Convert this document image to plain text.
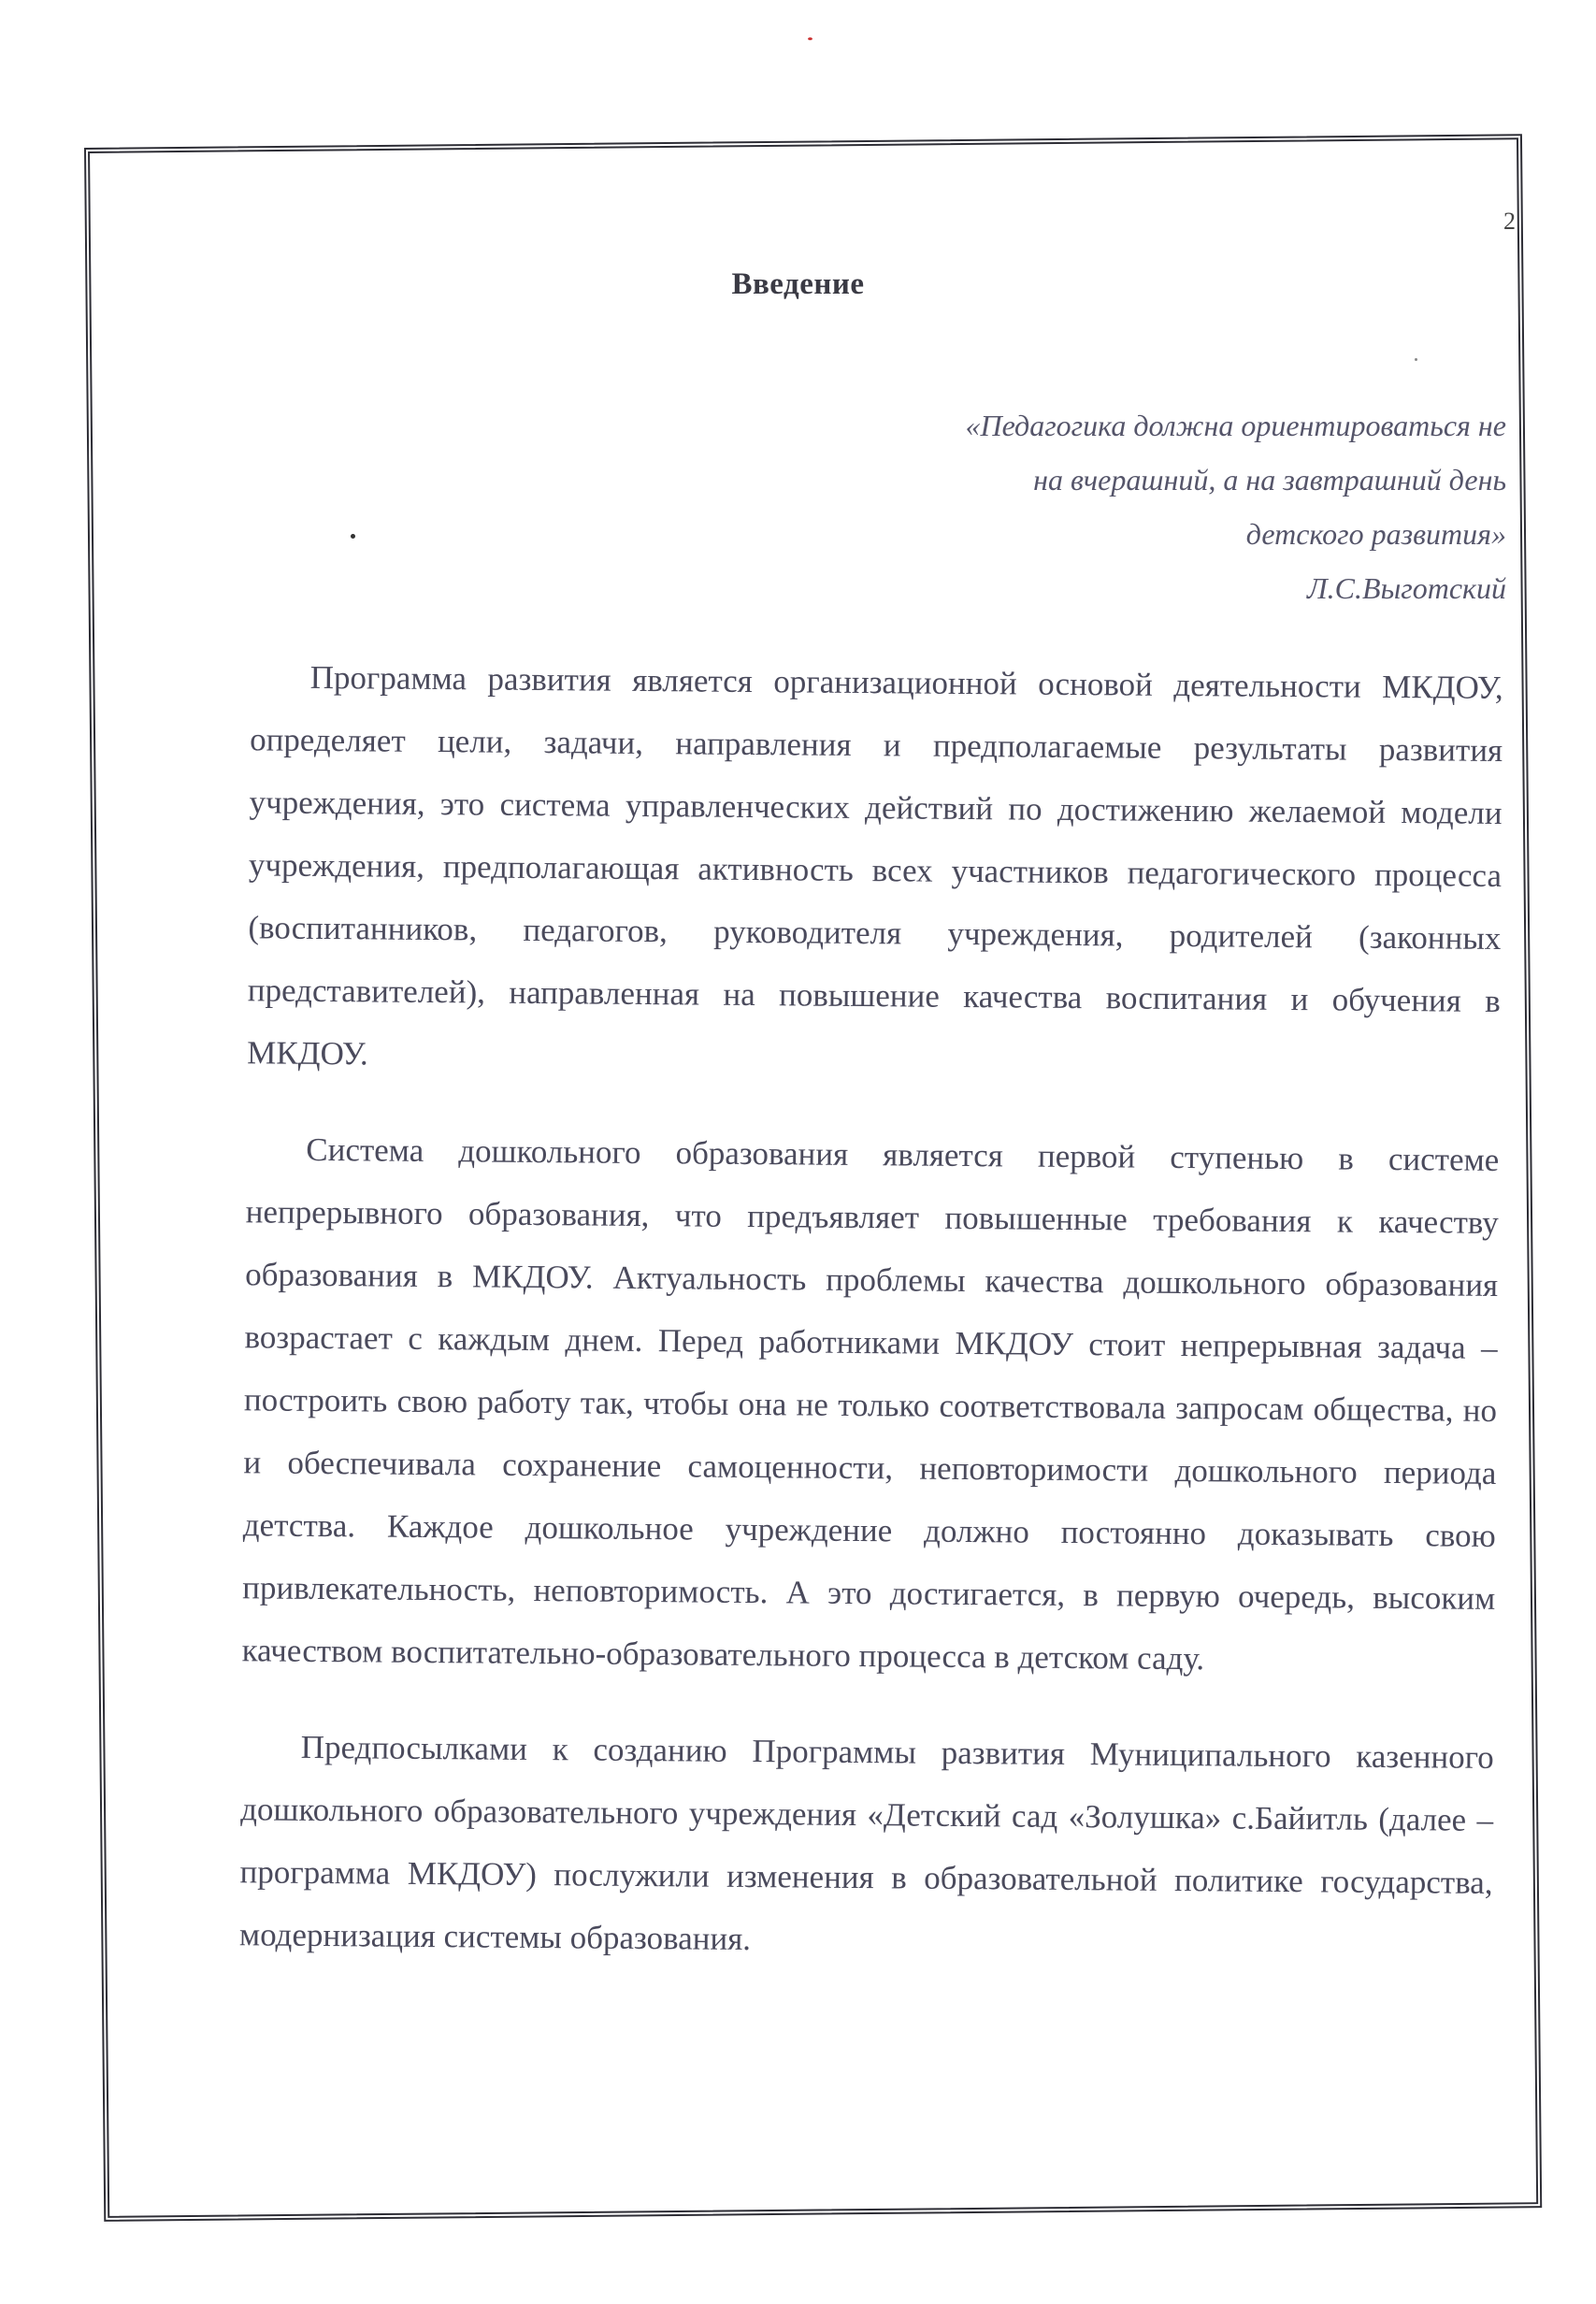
2
Введение
«Педагогика должна ориентироваться не
на вчерашний, а на завтрашний день
детского развития»
Л.С.Выготский

Программа развития является организационной основой деятельности МКДОУ, определяет цели, задачи, направления и предполагаемые результаты развития учреждения, это система управленческих действий по достижению желаемой модели учреждения, предполагающая активность всех участников педагогического процесса (воспитанников, педагогов, руководителя учреждения, родителей (законных представителей), направленная на повышение качества воспитания и обучения в МКДОУ.

Система дошкольного образования является первой ступенью в системе непрерывного образования, что предъявляет повышенные требования к качеству образования в МКДОУ. Актуальность проблемы качества дошкольного образования возрастает с каждым днем. Перед работниками МКДОУ стоит непрерывная задача – построить свою работу так, чтобы она не только соответствовала запросам общества, но и обеспечивала сохранение самоценности, неповторимости дошкольного периода детства. Каждое дошкольное учреждение должно постоянно доказывать свою привлекательность, неповторимость. А это достигается, в первую очередь, высоким качеством воспитательно-образовательного процесса в детском саду.

Предпосылками к созданию Программы развития Муниципального казенного дошкольного образовательного учреждения «Детский сад «Золушка» с.Байитль (далее – программа МКДОУ) послужили изменения в образовательной политике государства, модернизация системы образования.
